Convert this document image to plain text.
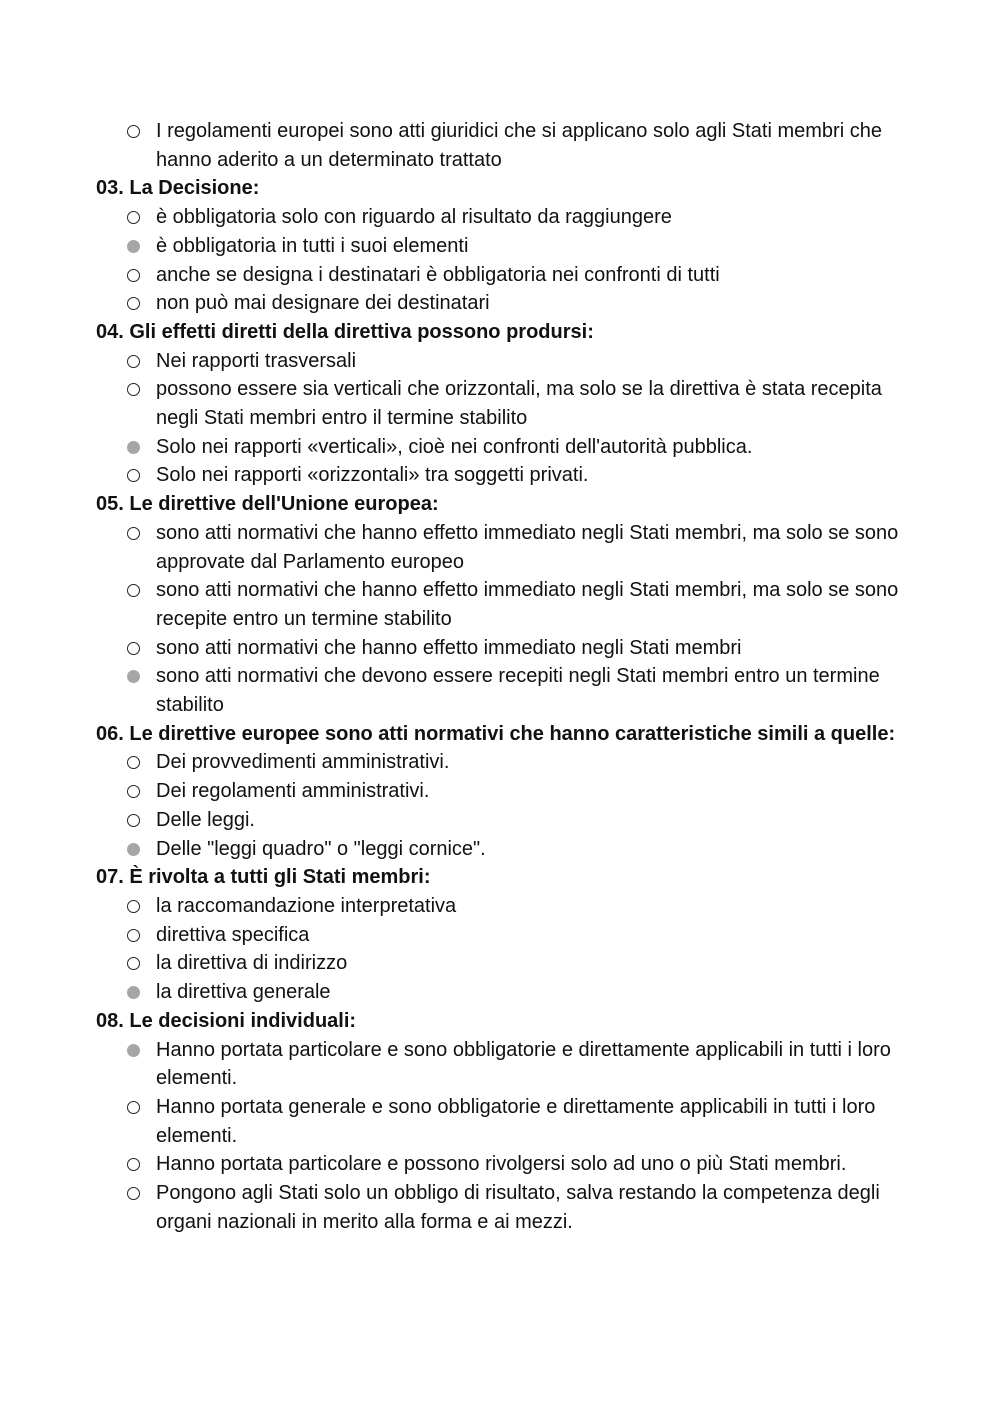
I regolamenti europei sono atti giuridici che si applicano solo agli Stati membri che hanno aderito a un determinato trattato

03. La Decisione:

è obbligatoria solo con riguardo al risultato da raggiungere
è obbligatoria in tutti i suoi elementi
anche se designa i destinatari è obbligatoria nei confronti di tutti
non può mai designare dei destinatari

04. Gli effetti diretti della direttiva possono prodursi:

Nei rapporti trasversali
possono essere sia verticali che orizzontali, ma solo se la direttiva è stata recepita negli Stati membri entro il termine stabilito
Solo nei rapporti «verticali», cioè nei confronti dell'autorità pubblica.
Solo nei rapporti «orizzontali» tra soggetti privati.

05. Le direttive dell'Unione europea:

sono atti normativi che hanno effetto immediato negli Stati membri, ma solo se sono approvate dal Parlamento europeo
sono atti normativi che hanno effetto immediato negli Stati membri, ma solo se sono recepite entro un termine stabilito
sono atti normativi che hanno effetto immediato negli Stati membri
sono atti normativi che devono essere recepiti negli Stati membri entro un termine stabilito

06. Le direttive europee sono atti normativi che hanno caratteristiche simili a quelle:

Dei provvedimenti amministrativi.
Dei regolamenti amministrativi.
Delle leggi.
Delle "leggi quadro" o "leggi cornice".

07. È rivolta a tutti gli Stati membri:

la raccomandazione interpretativa
direttiva specifica
la direttiva di indirizzo
la direttiva generale

08. Le decisioni individuali:

Hanno portata particolare e sono obbligatorie e direttamente applicabili in tutti i loro elementi.
Hanno portata generale e sono obbligatorie e direttamente applicabili in tutti i loro elementi.
Hanno portata particolare e possono rivolgersi solo ad uno o più Stati membri.
Pongono agli Stati solo un obbligo di risultato, salva restando la competenza degli organi nazionali in merito alla forma e ai mezzi.
